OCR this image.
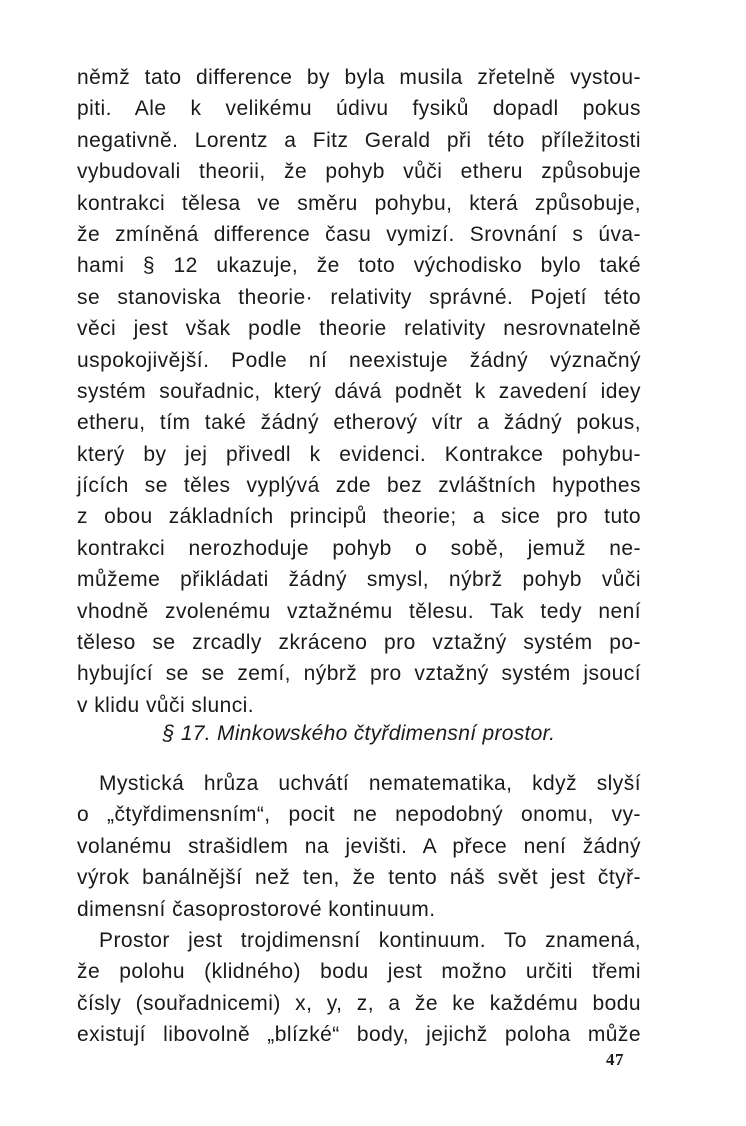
němž tato difference by byla musila zřetelně vystou-
piti. Ale k velikému údivu fysiků dopadl pokus
negativně. Lorentz a Fitz Gerald při této příležitosti
vybudovali theorii, že pohyb vůči etheru způsobuje
kontrakci tělesa ve směru pohybu, která způsobuje,
že zmíněná difference času vymizí. Srovnání s úva-
hami § 12 ukazuje, že toto východisko bylo také
se stanoviska theorie· relativity správné. Pojetí této
věci jest však podle theorie relativity nesrovnatelně
uspokojivější. Podle ní neexistuje žádný význačný
systém souřadnic, který dává podnět k zavedení idey
etheru, tím také žádný etherový vítr a žádný pokus,
který by jej přivedl k evidenci. Kontrakce pohybu-
jících se těles vyplývá zde bez zvláštních hypothes
z obou základních principů theorie; a sice pro tuto
kontrakci nerozhoduje pohyb o sobě, jemuž ne-
můžeme přikládati žádný smysl, nýbrž pohyb vůči
vhodně zvolenému vztažnému tělesu. Tak tedy není
těleso se zrcadly zkráceno pro vztažný systém po-
hybující se se zemí, nýbrž pro vztažný systém jsoucí
v klidu vůči slunci.
§ 17. Minkowského čtyřdimensní prostor.
Mystická hrůza uchvátí nematematika, když slyší
o „čtyřdimensním“, pocit ne nepodobný onomu, vy-
volanému strašidlem na jevišti. A přece není žádný
výrok banálnější než ten, že tento náš svět jest čtyř-
dimensní časoprostorové kontinuum.
Prostor jest trojdimensní kontinuum. To znamená,
že polohu (klidného) bodu jest možno určiti třemi
čísly (souřadnicemi) x, y, z, a že ke každému bodu
existují libovolně „blízké“ body, jejichž poloha může
47
